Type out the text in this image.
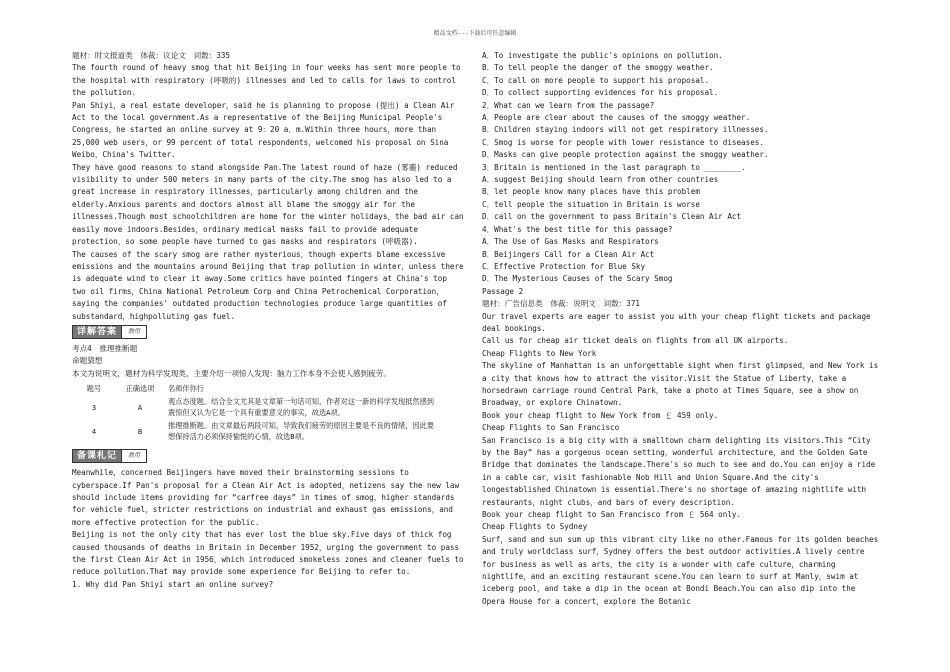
精品文档---下载后可任意编辑

题材：时文报道类　体裁：议论文　词数：335

The fourth round of heavy smog that hit Beijing in four weeks has sent more people to the hospital with respiratory (呼吸的) illnesses and led to calls for laws to control the pollution.

Pan Shiyi，a real estate developer，said he is planning to propose (提出) a Clean Air Act to the local government.As a representative of the Beijing Municipal People's Congress，he started an online survey at 9：20 a．m.Within three hours，more than 25,000 web users，or 99 percent of total respondents，welcomed his proposal on Sina Weibo，China's Twitter.

They have good reasons to stand alongside Pan.The latest round of haze (雾霾) reduced visibility to under 500 meters in many parts of the city.The smog has also led to a great increase in respiratory illnesses，particularly among children and the elderly.Anxious parents and doctors almost all blame the smoggy air for the illnesses.Though most schoolchildren are home for the winter holidays，the bad air can easily move indoors.Besides，ordinary medical masks fail to provide adequate protection，so some people have turned to gas masks and respirators (呼吸器).

The causes of the scary smog are rather mysterious，though experts blame excessive emissions and the mountains around Beijing that trap pollution in winter，unless there is adequate wind to clear it away.Some critics have pointed fingers at China's top two oil firms，China National Petroleum Corp and China Petrochemical Corporation，saying the companies' outdated production technologies produce large quantities of substandard，highpolluting gas fuel.

详解答案	教用

考点4　推理推断题

命题猜想

本文为说明文，题材为科学发现类，主要介绍一项惊人发现：脑力工作本身不会使人感到疲劳。

题号	正确选项	名师伴你行
3	A	观点态度题。结合全文尤其是文章第一句话可知，作者对这一新的科学发现抵然感到震惊但又认为它是一个具有重要意义的事实，故选A项。
4	B	推理推断题。由文章最后两段可知，导致我们疲劳的原因主要是不良的情绪，因此要想保持活力必须保持愉悦的心情，故选B项。
备课札记	教用

Meanwhile，concerned Beijingers have moved their brainstorming sessions to cyberspace.If Pan's proposal for a Clean Air Act is adopted，netizens say the new law should include items providing for “carfree days” in times of smog，higher standards for vehicle fuel，stricter restrictions on industrial and exhaust gas emissions，and more effective protection for the public.

Beijing is not the only city that has ever lost the blue sky.Five days of thick fog caused thousands of deaths in Britain in December 1952，urging the government to pass the first Clean Air Act in 1956，which introduced smokeless zones and cleaner fuels to reduce pollution.That may provide some experience for Beijing to refer to.

1. Why did Pan Shiyi start an online survey?

A．To investigate the public's opinions on pollution.

B．To tell people the danger of the smoggy weather.

C．To call on more people to support his proposal.

D．To collect supporting evidences for his proposal.

2．What can we learn from the passage?

A．People are clear about the causes of the smoggy weather.

B．Children staying indoors will not get respiratory illnesses.

C．Smog is worse for people with lower resistance to diseases.

D．Masks can give people protection against the smoggy weather.

3．Britain is mentioned in the last paragraph to ________.

A．suggest Beijing should learn from other countries

B．let people know many places have this problem

C．tell people the situation in Britain is worse

D．call on the government to pass Britain's Clean Air Act

4．What's the best title for this passage?

A．The Use of Gas Masks and Respirators

B．Beijingers Call for a Clean Air Act

C．Effective Protection for Blue Sky

D．The Mysterious Causes of the Scary Smog

Passage 2

题材：广告信息类　体裁：说明文　词数：371

Our travel experts are eager to assist you with your cheap flight tickets and package deal bookings.

Call us for cheap air ticket deals on flights from all UK airports.

Cheap Flights to New York

The skyline of Manhattan is an unforgettable sight when first glimpsed，and New York is a city that knows how to attract the visitor.Visit the Statue of Liberty，take a horsedrawn carriage round Central Park，take a photo at Times Square，see a show on Broadway，or explore Chinatown.

Book your cheap flight to New York from ￡ 459 only.

Cheap Flights to San Francisco

San Francisco is a big city with a smalltown charm delighting its visitors.This “City by the Bay” has a gorgeous ocean setting，wonderful architecture，and the Golden Gate Bridge that dominates the landscape.There's so much to see and do.You can enjoy a ride in a cable car，visit fashionable Nob Hill and Union Square.And the city's longestablished Chinatown is essential.There's no shortage of amazing nightlife with restaurants，night clubs，and bars of every description.

Book your cheap flight to San Francisco from ￡ 564 only.

Cheap Flights to Sydney

Surf，sand and sun sum up this vibrant city like no other.Famous for its golden beaches and truly worldclass surf，Sydney offers the best outdoor activities.A lively centre for business as well as arts，the city is a wonder with cafe culture，charming nightlife，and an exciting restaurant scene.You can learn to surf at Manly，swim at iceberg pool，and take a dip in the ocean at Bondi Beach.You can also dip into the Opera House for a concert，explore the Botanic
